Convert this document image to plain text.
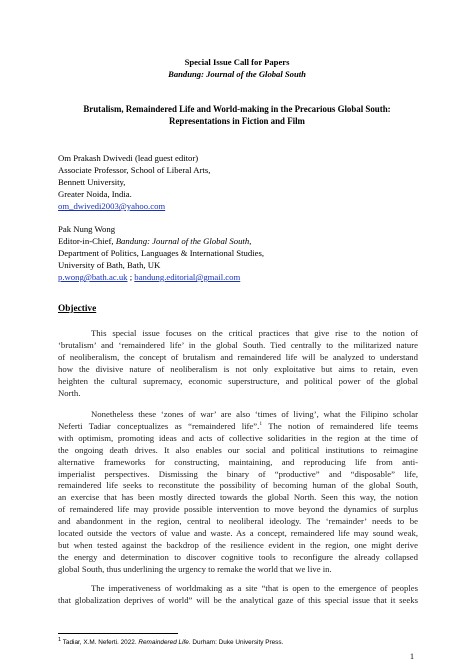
Special Issue Call for Papers
Bandung: Journal of the Global South
Brutalism, Remaindered Life and World-making in the Precarious Global South:
Representations in Fiction and Film
Om Prakash Dwivedi (lead guest editor)
Associate Professor, School of Liberal Arts,
Bennett University,
Greater Noida, India.
om_dwivedi2003@yahoo.com
Pak Nung Wong
Editor-in-Chief, Bandung: Journal of the Global South,
Department of Politics, Languages & International Studies,
University of Bath, Bath, UK
p.wong@bath.ac.uk ; bandung.editorial@gmail.com
Objective
This special issue focuses on the critical practices that give rise to the notion of
‘brutalism’ and ‘remaindered life’ in the global South. Tied centrally to the militarized nature
of neoliberalism, the concept of brutalism and remaindered life will be analyzed to understand
how the divisive nature of neoliberalism is not only exploitative but aims to retain, even
heighten the cultural supremacy, economic superstructure, and political power of the global
North.
Nonetheless these ‘zones of war’ are also ‘times of living’, what the Filipino scholar
Neferti Tadiar conceptualizes as “remaindered life”.$^1$ The notion of remaindered life teems
with optimism, promoting ideas and acts of collective solidarities in the region at the time of
the ongoing death drives. It also enables our social and political institutions to reimagine
alternative frameworks for constructing, maintaining, and reproducing life from anti-
imperialist perspectives. Dismissing the binary of “productive” and “disposable” life,
remaindered life seeks to reconstitute the possibility of becoming human of the global South,
an exercise that has been mostly directed towards the global North. Seen this way, the notion
of remaindered life may provide possible intervention to move beyond the dynamics of surplus
and abandonment in the region, central to neoliberal ideology. The ‘remainder’ needs to be
located outside the vectors of value and waste. As a concept, remaindered life may sound weak,
but when tested against the backdrop of the resilience evident in the region, one might derive
the energy and determination to discover cognitive tools to reconfigure the already collapsed
global South, thus underlining the urgency to remake the world that we live in.
The imperativeness of worldmaking as a site “that is open to the emergence of peoples
that globalization deprives of world” will be the analytical gaze of this special issue that it seeks
$^1$ Tadiar, X.M. Neferti. 2022. Remaindered Life. Durham: Duke University Press.
1
